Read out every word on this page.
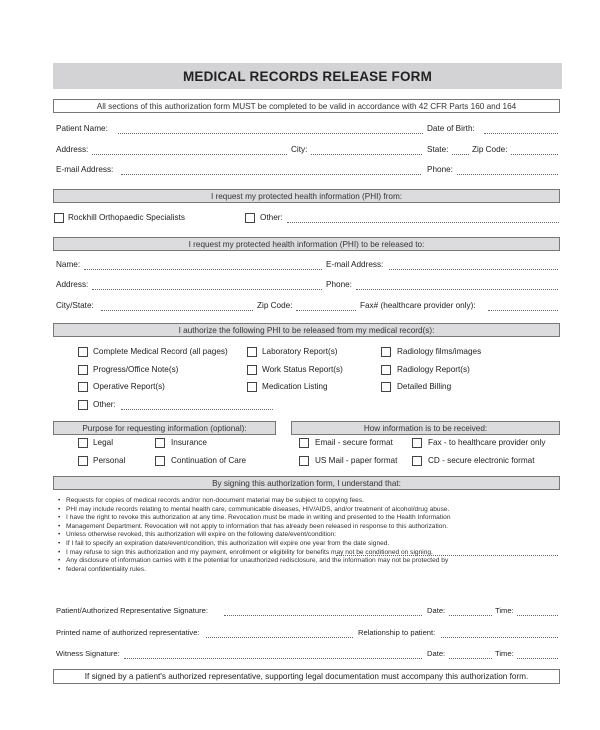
MEDICAL RECORDS RELEASE FORM
All sections of this authorization form MUST be completed to be valid in accordance with 42 CFR Parts 160 and 164
Patient Name:	Date of Birth:
Address:	City:	State:	Zip Code:
E-mail Address:	Phone:
I request my protected health information (PHI) from:
Rockhill Orthopaedic Specialists	Other:
I request my protected health information (PHI) to be released to:
Name:	E-mail Address:
Address:	Phone:
City/State:	Zip Code:	Fax# (healthcare provider only):
I authorize the following PHI to be released from my medical record(s):
Complete Medical Record (all pages)	Laboratory Report(s)	Radiology films/images
Progress/Office Note(s)	Work Status Report(s)	Radiology Report(s)
Operative Report(s)	Medication Listing	Detailed Billing
Other:
Purpose for requesting information (optional):	How information is to be received:
Legal	Insurance
Personal	Continuation of Care
Email - secure format	Fax - to healthcare provider only
US Mail - paper format	CD - secure electronic format
By signing this authorization form, I understand that:
• Requests for copies of medical records and/or non-document material may be subject to copying fees.
• PHI may include records relating to mental health care, communicable diseases, HIV/AIDS, and/or treatment of alcohol/drug abuse.
• I have the right to revoke this authorization at any time. Revocation must be made in writing and presented to the Health Information
• Management Department. Revocation will not apply to information that has already been released in response to this authorization.
• Unless otherwise revoked, this authorization will expire on the following date/event/condition:
• If I fail to specify an expiration date/event/condition, this authorization will expire one year from the date signed.
• I may refuse to sign this authorization and my payment, enrollment or eligibility for benefits may not be conditioned on signing.
• Any disclosure of information carries with it the potential for unauthorized redisclosure, and the information may not be protected by
• federal confidentiality rules.
Patient/Authorized Representative Signature:	Date:	Time:
Printed name of authorized representative:	Relationship to patient:
Witness Signature:	Date:	Time:
If signed by a patient's authorized representative, supporting legal documentation must accompany this authorization form.
